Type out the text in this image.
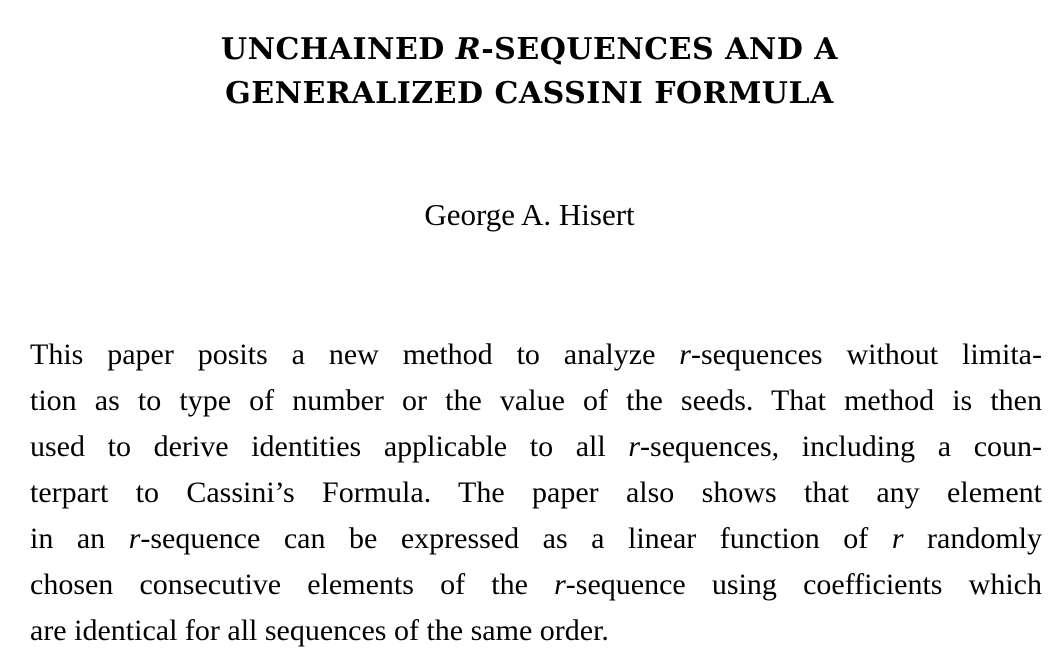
UNCHAINED R-SEQUENCES AND A
GENERALIZED CASSINI FORMULA
George A. Hisert
This paper posits a new method to analyze r-sequences without limita-
tion as to type of number or the value of the seeds. That method is then
used to derive identities applicable to all r-sequences, including a coun-
terpart to Cassini’s Formula. The paper also shows that any element
in an r-sequence can be expressed as a linear function of r randomly
chosen consecutive elements of the r-sequence using coefficients which
are identical for all sequences of the same order.
